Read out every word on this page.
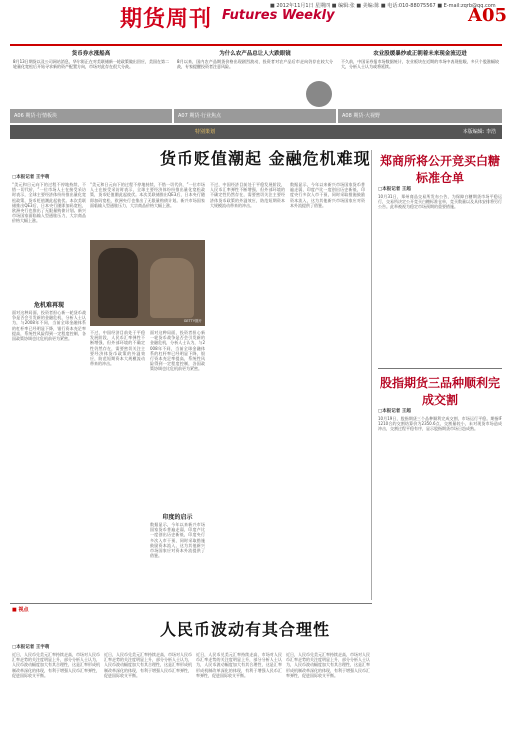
期货周刊 Futures Weekly
■ 2012年11月1日 星期四 ■ 编辑:张 ■ 美编:陈 ■ 电话:010-88075567 ■ E-mail:zqrb@qq.com
A05
货币券水涨船高
8月13日期货以及公司网站消息，华尔街正在对美联储新一轮政策做出回应，美国在第二轮量化宽松后开始寻求新的资产配置方向，市场对此存在很大分歧。
A06 期货·行情板块
为什么农产品总让人大跌眼镜
8月以来，国内农产品期货价格出现剧烈波动，投资者对农产品后市走向仍存在较大分歧，专家提醒投资者注意风险。
A07 期货·行业焦点
农业股缓暴炒或正朝着未来现金流迈进
不久前，中国证券报市场数据统计，农业板块在近期的市场中表现抢眼，多只个股涨幅较大，分析人士认为或将延续。
A08 期货·大视野
特别策划	本版编辑: 李浩
货币贬值潮起 金融危机难现
□本报记者 王宇萌
“美元和日元向下的过程不停地持续，不惜一切代价，”一位市场人士在接受采访时表示，全球主要经济体纷纷推出量化宽松政策，货币贬值潮此起彼伏。本次美联储推出QE3后，日本央行随即加码宽松，欧洲央行也推出了无限量购债计划。新兴市场国家面临输入型通胀压力，大宗商品价格大幅上涨。
危机难再现
面对这种局面，投资者担心新一轮货币战争是否会引发新的金融危机，分析人士认为，与2008年不同，当前全球金融体系的杠杆率已经明显下降，银行资本充足率提高，系统性风险得到一定程度控制，各国政策协调也比危机前更为紧密。
“美元和日元向下的过程不停地持续，不惜一切代价，”一位市场人士在接受采访时表示，全球主要经济体纷纷推出量化宽松政策，货币贬值潮此起彼伏。本次美联储推出QE3后，日本央行随即加码宽松，欧洲央行也推出了无限量购债计划。新兴市场国家面临输入型通胀压力，大宗商品价格大幅上涨。
GETTY图片
不过，中国经济目前处于平稳发展阶段，人民币汇率弹性不断增强，但外部环境的不确定性仍然存在，需要密切关注主要经济体货币政策的外溢效应，防范短期资本大规模流动带来的冲击。
面对这种局面，投资者担心新一轮货币战争是否会引发新的金融危机，分析人士认为，与2008年不同，当前全球金融体系的杠杆率已经明显下降，银行资本充足率提高，系统性风险得到一定程度控制，各国政策协调也比危机前更为紧密。
印度的启示
数据显示，今年以来新兴市场国家货币普遍走弱，印度卢比一度创出历史新低，印度央行多次入市干预，同时采取措施鼓励资本流入，这为其他新兴市场国家应对资本外流提供了借鉴。
不过，中国经济目前处于平稳发展阶段，人民币汇率弹性不断增强，但外部环境的不确定性仍然存在，需要密切关注主要经济体货币政策的外溢效应，防范短期资本大规模流动带来的冲击。
数据显示，今年以来新兴市场国家货币普遍走弱，印度卢比一度创出历史新低，印度央行多次入市干预，同时采取措施鼓励资本流入，这为其他新兴市场国家应对资本外流提供了借鉴。
郑商所将公开竞买白糖标准仓单
□本报记者 王超
10月31日，郑州商品交易所发布公告，为保障白糖期货市场平稳运行，交易所决定公开竞买白糖标准仓单，竞买数量以及具体安排将另行公告。此举被视为稳定市场预期的重要措施。
股指期货三品种顺利完成交割
□本报记者 王超
10月19日，股指期货三个品种顺利完成交割，市场运行平稳。期指IF1210合约交割结算价为2350.6点，交割量较小，未对现货市场造成冲击，交割过程平稳有序，显示股指期货市场日趋成熟。
■ 视点
人民币波动有其合理性
□本报记者 王宇萌
近日，人民币兑美元汇率持续走高，市场对人民币汇率走势的关注度明显上升，部分分析人士认为，人民币波动幅度加大有其合理性，这是汇率形成机制改革深化的体现，有利于增强人民币汇率弹性，促进国际收支平衡。
近日，人民币兑美元汇率持续走高，市场对人民币汇率走势的关注度明显上升，部分分析人士认为，人民币波动幅度加大有其合理性，这是汇率形成机制改革深化的体现，有利于增强人民币汇率弹性，促进国际收支平衡。
近日，人民币兑美元汇率持续走高，市场对人民币汇率走势的关注度明显上升，部分分析人士认为，人民币波动幅度加大有其合理性，这是汇率形成机制改革深化的体现，有利于增强人民币汇率弹性，促进国际收支平衡。
近日，人民币兑美元汇率持续走高，市场对人民币汇率走势的关注度明显上升，部分分析人士认为，人民币波动幅度加大有其合理性，这是汇率形成机制改革深化的体现，有利于增强人民币汇率弹性，促进国际收支平衡。
